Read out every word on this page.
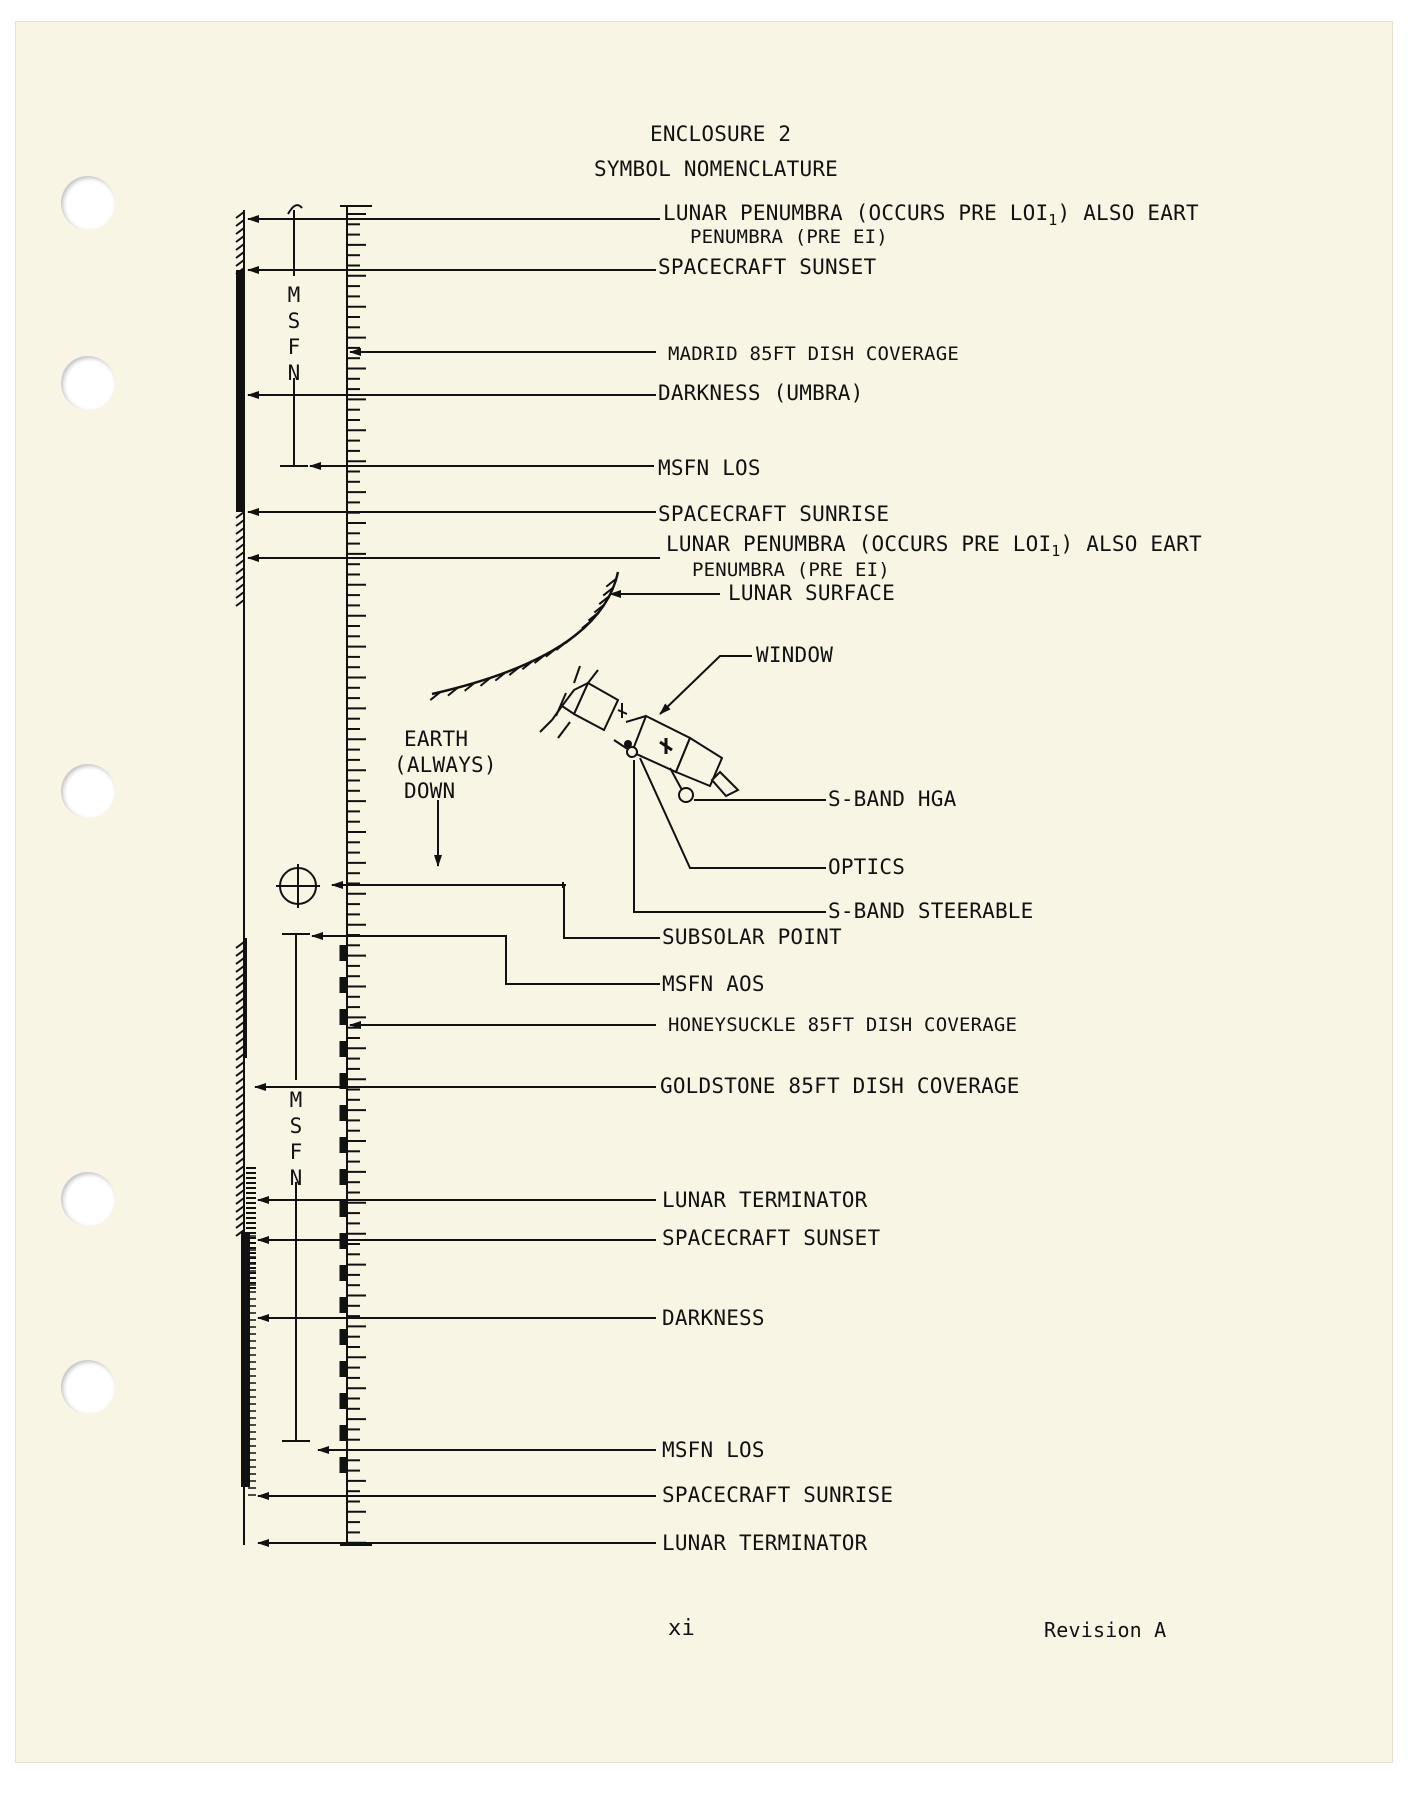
ENCLOSURE 2
SYMBOL NOMENCLATURE
LUNAR PENUMBRA (OCCURS PRE $LOI_1$) ALSO EART
PENUMBRA (PRE EI)
SPACECRAFT SUNSET
MADRID 85FT DISH COVERAGE
DARKNESS (UMBRA)
MSFN LOS
SPACECRAFT SUNRISE
LUNAR PENUMBRA (OCCURS PRE $LOI_1$) ALSO EART
PENUMBRA (PRE EI)
LUNAR SURFACE
WINDOW
EARTH
(ALWAYS)
DOWN	S-BAND HGA
OPTICS
S-BAND STEERABLE
SUBSOLAR POINT
MSFN AOS
HONEYSUCKLE 85FT DISH COVERAGE
GOLDSTONE 85FT DISH COVERAGE
LUNAR TERMINATOR
SPACECRAFT SUNSET
DARKNESS
MSFN LOS
SPACECRAFT SUNRISE
LUNAR TERMINATOR
M
S
F
N
M
S
F
N
xi	Revision A
